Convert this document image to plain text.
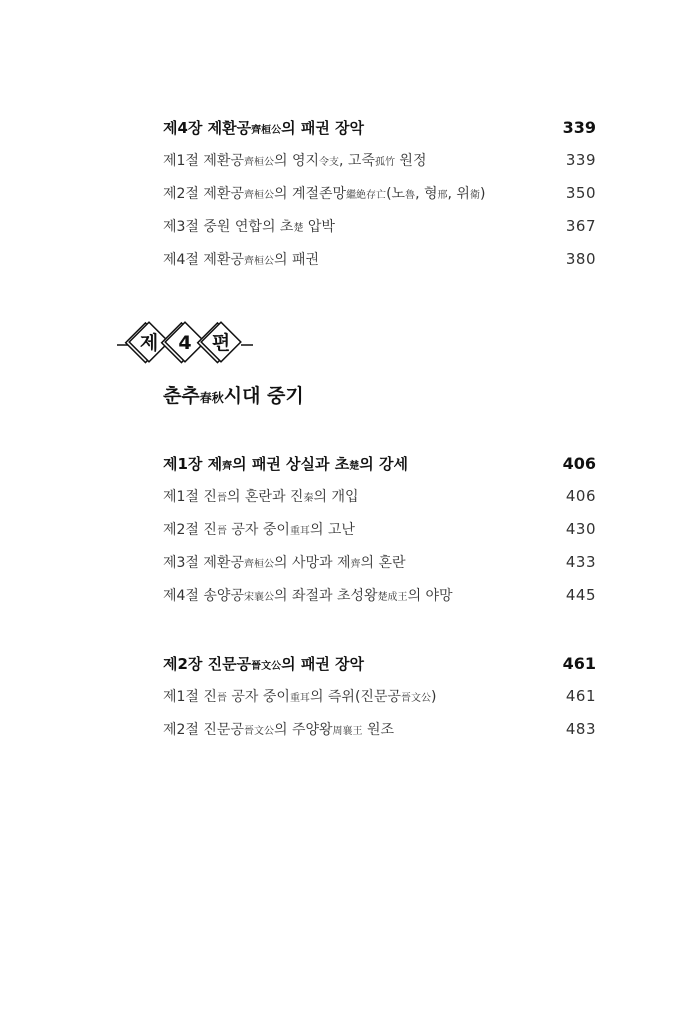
제4장 제환공齊桓公의 패권 장악	339
제1절 제환공齊桓公의 영지令支, 고죽孤竹 원정	339
제2절 제환공齊桓公의 계절존망繼絶存亡(노魯, 형邢, 위衛)	350
제3절 중원 연합의 초楚 압박	367
제4절 제환공齊桓公의 패권	380
제 4 편
춘추春秋시대 중기
제1장 제齊의 패권 상실과 초楚의 강세	406
제1절 진晉의 혼란과 진秦의 개입	406
제2절 진晉 공자 중이重耳의 고난	430
제3절 제환공齊桓公의 사망과 제齊의 혼란	433
제4절 송양공宋襄公의 좌절과 초성왕楚成王의 야망	445
제2장 진문공晉文公의 패권 장악	461
제1절 진晉 공자 중이重耳의 즉위(진문공晉文公)	461
제2절 진문공晉文公의 주양왕周襄王 원조	483
